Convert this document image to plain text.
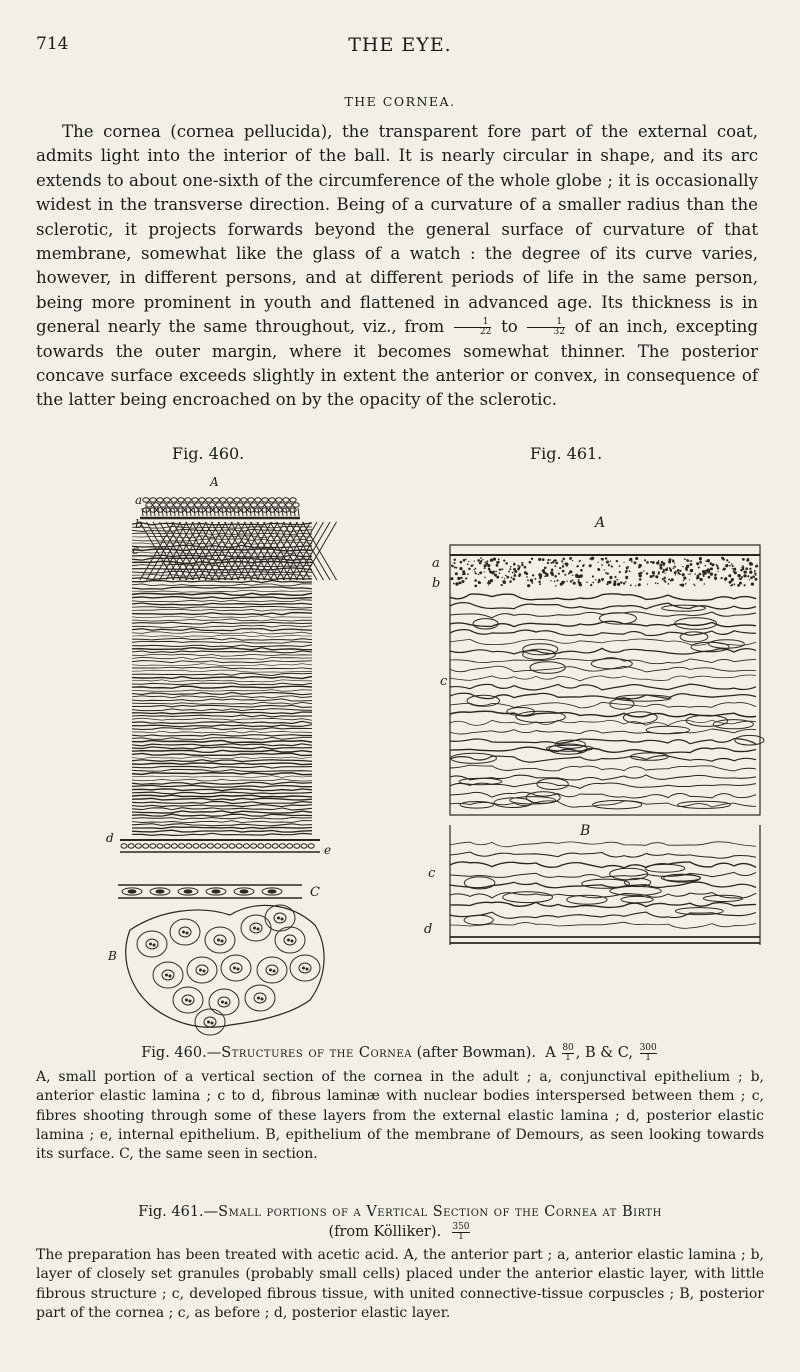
714	THE EYE.
THE CORNEA.

The cornea (cornea pellucida), the transparent fore part of the external coat, admits light into the interior of the ball. It is nearly circular in shape, and its arc extends to about one-sixth of the circumference of the whole globe ; it is occasionally widest in the transverse direction. Being of a curvature of a smaller radius than the sclerotic, it projects forwards beyond the general surface of curvature of that membrane, somewhat like the glass of a watch : the degree of its curve varies, however, in different persons, and at different periods of life in the same person, being more prominent in youth and flattened in advanced age. Its thickness is in general nearly the same throughout, viz., from $\frac{1}{22}$ to $\frac{1}{32}$ of an inch, excepting towards the outer margin, where it becomes somewhat thinner. The posterior concave surface exceeds slightly in extent the anterior or convex, in consequence of the latter being encroached on by the opacity of the sclerotic.

Fig. 460.	Fig. 461.
A
a
b
c
d
e
C
B
A
a
b
c
B
c
d
Fig. 460.—Structures of the Cornea (after Bowman). A $\frac{80}{1}$ , B & C, $\frac{300}{1}$

A, small portion of a vertical section of the cornea in the adult ; a, conjunctival epithelium ; b, anterior elastic lamina ; c to d, fibrous laminæ with nuclear bodies interspersed between them ; c, fibres shooting through some of these layers from the external elastic lamina ; d, posterior elastic lamina ; e, internal epithelium. B, epithelium of the membrane of Demours, as seen looking towards its surface. C, the same seen in section.

Fig. 461.—Small portions of a Vertical Section of the Cornea at Birth
(from Kölliker). $\frac{350}{1}$

The preparation has been treated with acetic acid. A, the anterior part ; a, anterior elastic lamina ; b, layer of closely set granules (probably small cells) placed under the anterior elastic layer, with little fibrous structure ; c, developed fibrous tissue, with united connective-tissue corpuscles ; B, posterior part of the cornea ; c, as before ; d, posterior elastic layer.
